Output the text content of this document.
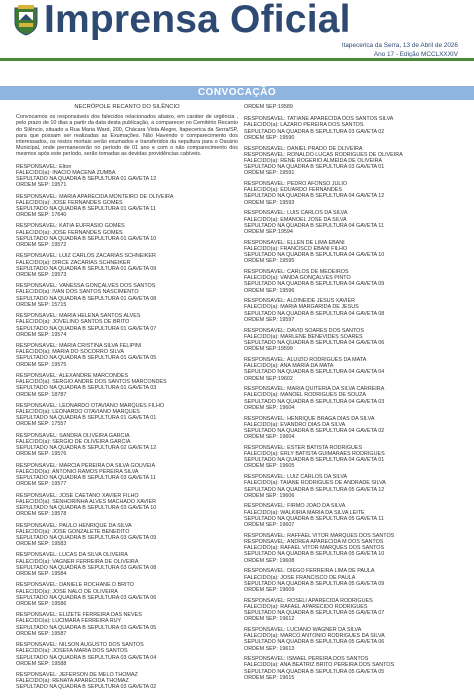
Imprensa Oficial
Itapecerica da Serra, 13 de Abril de 2026
Ano 17 - Edição MCCLXXXIV
CONVOCAÇÃO
NECRÓPOLE RECANTO DO SILÊNCIO
Convocamos os responsáveis dos falecidos relacionados abaixo, em caráter de urgência , pelo prazo de 10 dias a partir da data desta publicação, a comparecer no Cemitério Recanto do Silêncio, situado a Rua Maria Ward, 200, Chácara Vista Alegre, Itapecerica da Serra/SP, para que possam ser realizadas as Exumações. Não Havendo o comparecimento dos interessados, os restos mortais serão exumados e transferidos da sepultura para o Ossário Municipal, onde permanecerão no período de 01 ano e com o não comparecimento dos mesmos após este período, serão tomadas as devidas providências cabíveis.
RESPONSÁVEL: Elton
FALECIDO(a): INACIO MACENA ZUMBA
SEPULTADO NA QUADRA B SEPULTURA 01 GAVETA 12
ORDEM SEP: 19571
RESPONSÁVEL: MARIA APARECIDA MONTEIRO DE OLIVEIRA
FALECIDO(a): JOSE FERNANDES GOMES
SEPULTADO NA QUADRA B SEPULTURA 01 GAVETA 11
ORDEM SEP: 17640
RESPONSÁVEL: KATIA EUFRASIO GOMES
FALECIDO(a): JOSE FERNANDES GOMES
SEPULTADO NA QUADRA B SEPULTURA 01 GAVETA 10
ORDEM SEP: 19572
RESPONSÁVEL: LUIZ CARLOS ZACARIAS SCHNEIKER
FALECIDO(a): DIRCE ZACARIAS SCHNEIKER
SEPULTADO NA QUADRA B SEPULTURA 01 GAVETA 09
ORDEM SEP: 19573
RESPONSÁVEL: VANESSA GONÇALVES DOS SANTOS
FALECIDO(a): IVAN DOS SANTOS NASCIMENTO
SEPULTADO NA QUADRA B SEPULTURA 01 GAVETA 08
ORDEM SEP: 15715
RESPONSÁVEL: MARIA HELENA SANTOS ALVES
FALECIDO(a): JOVELINO SANTOS DE BRITO
SEPULTADO NA QUADRA B SEPULTURA 01 GAVETA 07
ORDEM SEP: 19574
RESPONSÁVEL: MARIA CRISTINA SILVA FELIPINI
FALECIDO(a): MARIA DO SOCORRO SILVA
SEPULTADO NA QUADRA B SEPULTURA 01 GAVETA 05
ORDEM SEP: 19575
RESPONSÁVEL: ALEXANDRE MARCONDES
FALECIDO(a): SERGIO ANDRE DOS SANTOS MARCONDES
SEPULTADO NA QUADRA B SEPULTURA 01 GAVETA 03
ORDEM SEP: 18787
RESPONSÁVEL: LEONARDO OTAVIANO MARQUES FILHO
FALECIDO(a): LEONARDO OTAVIANO MARQUES
SEPULTADO NA QUADRA B SEPULTURA 01 GAVETA 01
ORDEM SEP: 17557
RESPONSÁVEL: SANDRA OLIVEIRA GARCIA
FALECIDO(a): SERGIO DE OLIVEIRA GARCIA
SEPULTADO NA QUADRA B SEPULTURA 02 GAVETA 12
ORDEM SEP: 19576
RESPONSÁVEL: MARCIA PEREIRA DA SILVA GOUVEIA
FALECIDO(a): ANTONIO RAMOS PEREIRA SILVA
SEPULTADO NA QUADRA B SEPULTURA 03 GAVETA 11
ORDEM SEP: 19577
RESPONSÁVEL: JOSE CAETANO XAVIER FILHO
FALECIDO(a): SENHORINHA ALVES MACHADO XAVIER
SEPULTADO NA QUADRA B SEPULTURA 03 GAVETA 10
ORDEM SEP: 19578
RESPONSÁVEL: PAULO HENRIQUE DA SILVA
FALECIDO(a): JOSE GONZALETE BENEDITO
SEPULTADO NA QUADRA B SEPULTURA 03 GAVETA 09
ORDEM SEP: 19583
RESPONSÁVEL: LUCAS DA SILVA OLIVEIRA
FALECIDO(a): VAGNER FERREIRA DE OLIVEIRA
SEPULTADO NA QUADRA B SEPULTURA 03 GAVETA 08
ORDEM SEP: 19584
RESPONSÁVEL: DANIELE ROCHANE D BRITO
FALECIDO(a): JOSE NALO DE OLIVEIRA
SEPULTADO NA QUADRA B SEPULTURA 03 GAVETA 06
ORDEM SEP: 19586
RESPONSÁVEL: ELIZETE FERREIRA DAS NEVES
FALECIDO(a): LUCIMARA FERREIRA RUY
SEPULTADO NA QUADRA B SEPULTURA 03 GAVETA 05
ORDEM SEP: 19587
RESPONSÁVEL: NILSON AUGUSTO DOS SANTOS
FALECIDO(a): JOSEFA MARIA DOS SANTOS
SEPULTADO NA QUADRA B SEPULTURA 03 GAVETA 04
ORDEM SEP: 19588
RESPONSÁVEL: JEFERSON DE MELO THOMAZ
FALECIDO(a): RENATA APARECIDA THOMAZ
SEPULTADO NA QUADRA B SEPULTURA 03 GAVETA 02
ORDEM SEP:19589
RESPONSÁVEL: TATIANE APARECIDA DOS SANTOS SILVA
FALECIDO(a): LAZARO PEREIRA DOS SANTOS
SEPULTADO NA QUADRA B SEPULTURA 03 GAVETA 02
ORDEM SEP: 19590
RESPONSÁVEL: DANIEL PRADO DE OLIVEIRA
RESPONSÁVEL: RONALDO LUCAS RODRIGUES DE OLIVEIRA
FALECIDO(a): RENE ROGERIO ALMEIDA DE OLIVEIRA
SEPULTADO NA QUADRA B SEPULTURA 03 GAVETA 01
ORDEM SEP: 19591
RESPONSÁVEL: PEDRO AFONSO JULIO
FALECIDO(a): EDUARDO FERNANDES
SEPULTADO NA QUADRA B SEPULTURA 04 GAVETA 12
ORDEM SEP: 19593
RESPONSÁVEL: LUIS CARLOS DA SILVA
FALECIDO(a): EMANOEL JOSE DA SILVA
SEPULTADO NA QUADRA B SEPULTURA 04 GAVETA 11
ORDEM SEP:19594
RESPONSÁVEL: ELLEN DE LIMA EBANI
FALECIDO(a): FRANCISCO EBANI FILHO
SEPULTADO NA QUADRA B SEPULTURA 04 GAVETA 10
ORDEM SEP: 19595
RESPONSÁVEL: CARLOS DE MEDEIROS
FALECIDO(a): VANDA GONÇALVES PINTO
SEPULTADO NA QUADRA B SEPULTURA 04 GAVETA 09
ORDEM SEP: 19596
RESPONSÁVEL: ALDINEIDE JESUS XAVIER
FALECIDO(a): MARIA MARGARIDA DE JESUS
SEPULTADO NA QUADRA B SEPULTURA 04 GAVETA 08
ORDEM SEP: 19597
RESPONSÁVEL: DAVID SOARES DOS SANTOS
FALECIDO(a): MARLENE BENEVIDES SOARES
SEPULTADO NA QUADRA B SEPULTURA 04 GAVETA 06
ORDEM SEP:19599
RESPONSÁVEL: ALUIZIO RODRIGUES DA MATA
FALECIDO(a): ANA MARIA DA MATA
SEPULTADO NA QUADRA B SEPULTURA 04 GAVETA 04
ORDEM SEP:19602
RESPONSÁVEL: MARIA QUITERIA DA SILVA CARREIRA
FALECIDO(a): MANOEL RODRIGUES DE SOUZA
SEPULTADO NA QUADRA B SEPULTURA 04 GAVETA 03
ORDEM SEP: 19604
RESPONSÁVEL: HENRIQUE BRAGA DIAS DA SILVA
FALECIDO(a): EVANDRO DIAS DA SILVA
SEPULTADO NA QUADRA B SEPULTURA 04 GAVETA 02
ORDEM SEP: 19604
RESPONSÁVEL: ESTER BATISTA RODRIGUES
FALECIDO(a): ERLY BATISTA GUIMARÃES RODRIGUES
SEPULTADO NA QUADRA B SEPULTURA 04 GAVETA 01
ORDEM SEP: 19605
RESPONSÁVEL: LUIZ CARLOS DA SILVA
FALECIDO(a): TAIANE RODRIGUES DE ANDRADE SILVA
SEPULTADO NA QUADRA B SEPULTURA 05 GAVETA 12
ORDEM SEP: 19606
RESPONSÁVEL: FIRMO JOÃO DA SILVA
FALECIDO(a): WALKIRIA MARIA DA SILVA LEITE
SEPULTADO NA QUADRA B SEPULTURA 05 GAVETA 11
ORDEM SEP: 19607
RESPONSÁVEL: RAFFAEL VITOR MARQUES DOS SANTOS
RESPONSÁVEL: ANDREA APARECIDA M DOS SANTOS
FALECIDO(a): RAFAEL VITOR MARQUES DOS SANTOS
SEPULTADO NA QUADRA B SEPULTURA 05 GAVETA 10
ORDEM SEP: 19608
RESPONSÁVEL: DIEGO FERREIRA LIMA DE PAULA
FALECIDO(a): JOSE FRANCISCO DE PAULA
SEPULTADO NA QUADRA B SEPULTURA 05 GAVETA 09
ORDEM SEP: 19609
RESPONSÁVEL: ROSELI APARECIDA RODRIGUES
FALECIDO(a): RAFAEL APARECIDO RODRIGUES
SEPULTADO NA QUADRA B SEPULTURA 05 GAVETA 07
ORDEM SEP: 19612
RESPONSÁVEL: LUCIANO WAGNER DA SILVA
FALECIDO(a): MARCO ANTONIO RODRIGUES DA SILVA
SEPULTADO NA QUADRA B SEPULTURA 05 GAVETA 06
ORDEM SEP: 19613
RESPONSÁVEL: ISMAEL PEREIRA DOS SANTOS
FALECIDO(a): ANA BEATRIZ BRITO PEREIRA DOS SANTOS
SEPULTADO NA QUADRA B SEPULTURA 05 GAVETA 05
ORDEM SEP: 19615
